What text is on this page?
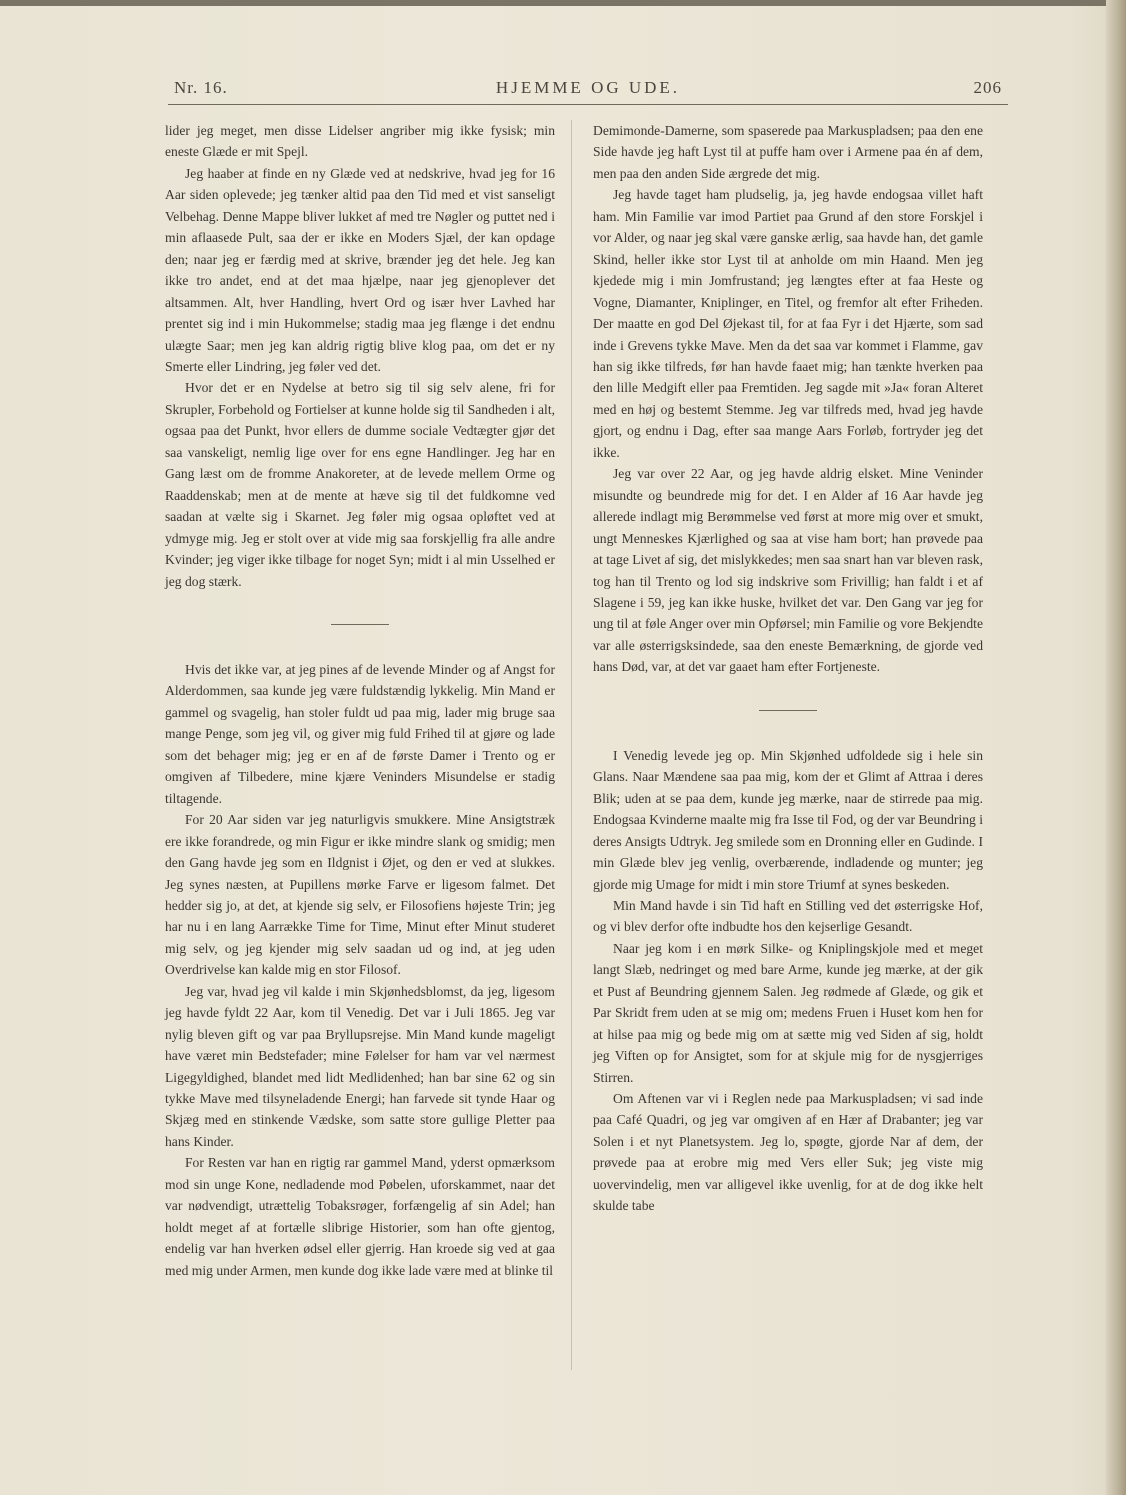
Nr. 16.	HJEMME OG UDE.	206

lider jeg meget, men disse Lidelser angriber mig ikke fysisk; min eneste Glæde er mit Spejl.

Jeg haaber at finde en ny Glæde ved at nedskrive, hvad jeg for 16 Aar siden oplevede; jeg tænker altid paa den Tid med et vist sanseligt Velbehag. Denne Mappe bliver lukket af med tre Nøgler og puttet ned i min aflaasede Pult, saa der er ikke en Moders Sjæl, der kan opdage den; naar jeg er færdig med at skrive, brænder jeg det hele. Jeg kan ikke tro andet, end at det maa hjælpe, naar jeg gjenoplever det altsammen. Alt, hver Handling, hvert Ord og især hver Lavhed har prentet sig ind i min Hukommelse; stadig maa jeg flænge i det endnu ulægte Saar; men jeg kan aldrig rigtig blive klog paa, om det er ny Smerte eller Lindring, jeg føler ved det.

Hvor det er en Nydelse at betro sig til sig selv alene, fri for Skrupler, Forbehold og Fortielser at kunne holde sig til Sandheden i alt, ogsaa paa det Punkt, hvor ellers de dumme sociale Vedtægter gjør det saa vanskeligt, nemlig lige over for ens egne Handlinger. Jeg har en Gang læst om de fromme Anakoreter, at de levede mellem Orme og Raaddenskab; men at de mente at hæve sig til det fuldkomne ved saadan at vælte sig i Skarnet. Jeg føler mig ogsaa opløftet ved at ydmyge mig. Jeg er stolt over at vide mig saa forskjellig fra alle andre Kvinder; jeg viger ikke tilbage for noget Syn; midt i al min Usselhed er jeg dog stærk.

Hvis det ikke var, at jeg pines af de levende Minder og af Angst for Alderdommen, saa kunde jeg være fuldstændig lykkelig. Min Mand er gammel og svagelig, han stoler fuldt ud paa mig, lader mig bruge saa mange Penge, som jeg vil, og giver mig fuld Frihed til at gjøre og lade som det behager mig; jeg er en af de første Damer i Trento og er omgiven af Tilbedere, mine kjære Veninders Misundelse er stadig tiltagende.

For 20 Aar siden var jeg naturligvis smukkere. Mine Ansigtstræk ere ikke forandrede, og min Figur er ikke mindre slank og smidig; men den Gang havde jeg som en Ildgnist i Øjet, og den er ved at slukkes. Jeg synes næsten, at Pupillens mørke Farve er ligesom falmet. Det hedder sig jo, at det, at kjende sig selv, er Filosofiens højeste Trin; jeg har nu i en lang Aarrække Time for Time, Minut efter Minut studeret mig selv, og jeg kjender mig selv saadan ud og ind, at jeg uden Overdrivelse kan kalde mig en stor Filosof.

Jeg var, hvad jeg vil kalde i min Skjønhedsblomst, da jeg, ligesom jeg havde fyldt 22 Aar, kom til Venedig. Det var i Juli 1865. Jeg var nylig bleven gift og var paa Bryllupsrejse. Min Mand kunde mageligt have været min Bedstefader; mine Følelser for ham var vel nærmest Ligegyldighed, blandet med lidt Medlidenhed; han bar sine 62 og sin tykke Mave med tilsyneladende Energi; han farvede sit tynde Haar og Skjæg med en stinkende Vædske, som satte store gullige Pletter paa hans Kinder.

For Resten var han en rigtig rar gammel Mand, yderst opmærksom mod sin unge Kone, nedladende mod Pøbelen, uforskammet, naar det var nødvendigt, utrættelig Tobaksrøger, forfængelig af sin Adel; han holdt meget af at fortælle slibrige Historier, som han ofte gjentog, endelig var han hverken ødsel eller gjerrig. Han kroede sig ved at gaa med mig under Armen, men kunde dog ikke lade være med at blinke til

Demimonde-Damerne, som spaserede paa Markuspladsen; paa den ene Side havde jeg haft Lyst til at puffe ham over i Armene paa én af dem, men paa den anden Side ærgrede det mig.

Jeg havde taget ham pludselig, ja, jeg havde endogsaa villet haft ham. Min Familie var imod Partiet paa Grund af den store Forskjel i vor Alder, og naar jeg skal være ganske ærlig, saa havde han, det gamle Skind, heller ikke stor Lyst til at anholde om min Haand. Men jeg kjedede mig i min Jomfrustand; jeg længtes efter at faa Heste og Vogne, Diamanter, Kniplinger, en Titel, og fremfor alt efter Friheden. Der maatte en god Del Øjekast til, for at faa Fyr i det Hjærte, som sad inde i Grevens tykke Mave. Men da det saa var kommet i Flamme, gav han sig ikke tilfreds, før han havde faaet mig; han tænkte hverken paa den lille Medgift eller paa Fremtiden. Jeg sagde mit »Ja« foran Alteret med en høj og bestemt Stemme. Jeg var tilfreds med, hvad jeg havde gjort, og endnu i Dag, efter saa mange Aars Forløb, fortryder jeg det ikke.

Jeg var over 22 Aar, og jeg havde aldrig elsket. Mine Veninder misundte og beundrede mig for det. I en Alder af 16 Aar havde jeg allerede indlagt mig Berømmelse ved først at more mig over et smukt, ungt Menneskes Kjærlighed og saa at vise ham bort; han prøvede paa at tage Livet af sig, det mislykkedes; men saa snart han var bleven rask, tog han til Trento og lod sig indskrive som Frivillig; han faldt i et af Slagene i 59, jeg kan ikke huske, hvilket det var. Den Gang var jeg for ung til at føle Anger over min Opførsel; min Familie og vore Bekjendte var alle østerrigsksindede, saa den eneste Bemærkning, de gjorde ved hans Død, var, at det var gaaet ham efter Fortjeneste.

I Venedig levede jeg op. Min Skjønhed udfoldede sig i hele sin Glans. Naar Mændene saa paa mig, kom der et Glimt af Attraa i deres Blik; uden at se paa dem, kunde jeg mærke, naar de stirrede paa mig. Endogsaa Kvinderne maalte mig fra Isse til Fod, og der var Beundring i deres Ansigts Udtryk. Jeg smilede som en Dronning eller en Gudinde. I min Glæde blev jeg venlig, overbærende, indladende og munter; jeg gjorde mig Umage for midt i min store Triumf at synes beskeden.

Min Mand havde i sin Tid haft en Stilling ved det østerrigske Hof, og vi blev derfor ofte indbudte hos den kejserlige Gesandt.

Naar jeg kom i en mørk Silke- og Kniplingskjole med et meget langt Slæb, nedringet og med bare Arme, kunde jeg mærke, at der gik et Pust af Beundring gjennem Salen. Jeg rødmede af Glæde, og gik et Par Skridt frem uden at se mig om; medens Fruen i Huset kom hen for at hilse paa mig og bede mig om at sætte mig ved Siden af sig, holdt jeg Viften op for Ansigtet, som for at skjule mig for de nysgjerriges Stirren.

Om Aftenen var vi i Reglen nede paa Markuspladsen; vi sad inde paa Café Quadri, og jeg var omgiven af en Hær af Drabanter; jeg var Solen i et nyt Planetsystem. Jeg lo, spøgte, gjorde Nar af dem, der prøvede paa at erobre mig med Vers eller Suk; jeg viste mig uovervindelig, men var alligevel ikke uvenlig, for at de dog ikke helt skulde tabe
